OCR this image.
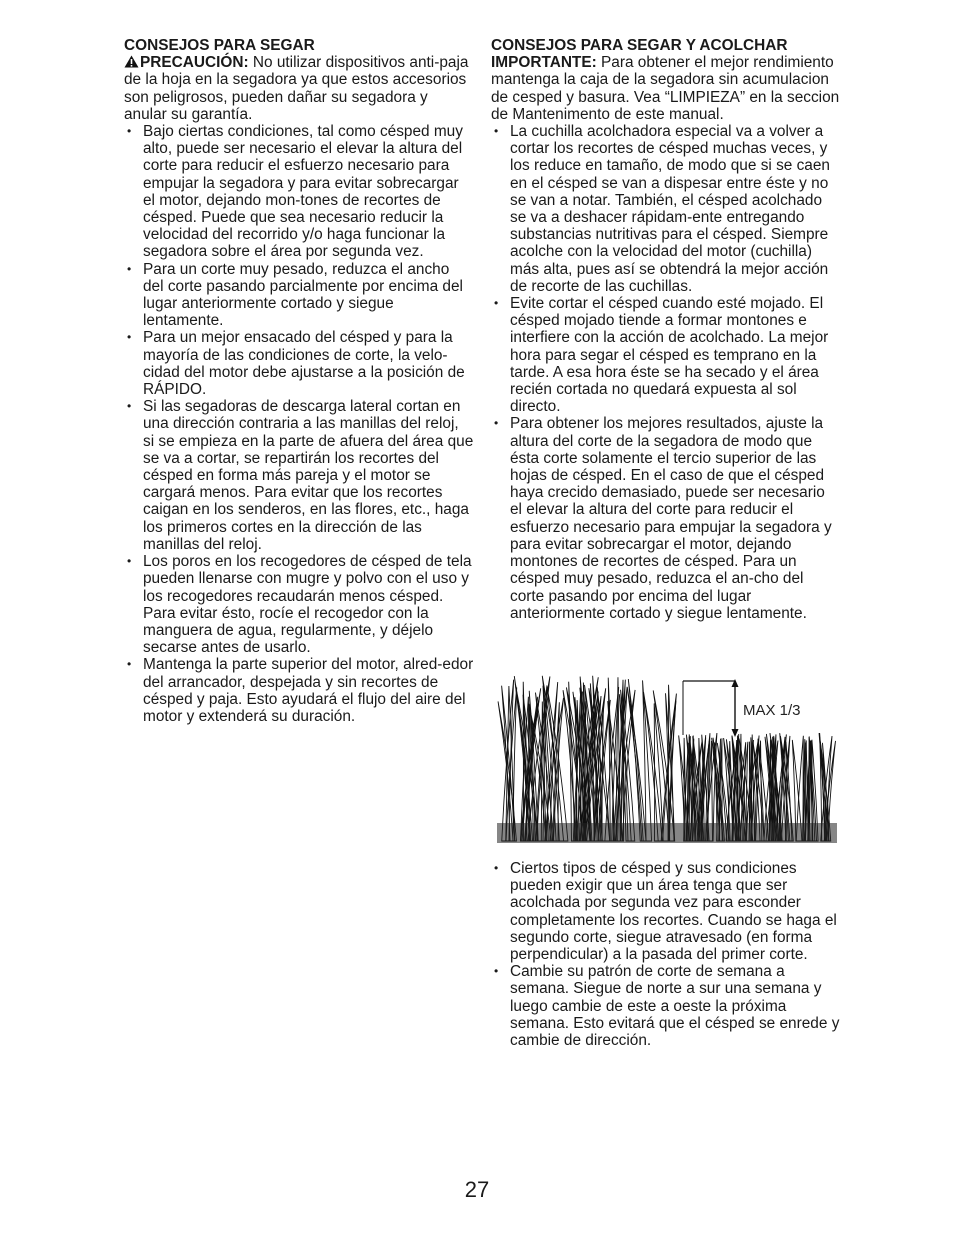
CONSEJOS PARA SEGAR

PRECAUCIÓN: No utilizar dispositivos anti-paja de la hoja en la segadora ya que estos accesorios son peligrosos, pueden dañar su segadora y anular su garantía.

• Bajo ciertas condiciones, tal como césped muy alto, puede ser necesario el elevar la altura del corte para reducir el esfuerzo necesario para empujar la segadora y para evitar sobrecargar el motor, dejando mon-tones de recortes de césped. Puede que sea necesario reducir la velocidad del recorrido y/o haga funcionar la segadora sobre el área por segunda vez.
• Para un corte muy pesado, reduzca el ancho del corte pasando parcialmente por encima del lugar anteriormente cortado y siegue lentamente.
• Para un mejor ensacado del césped y para la mayoría de las condiciones de corte, la velo-cidad del motor debe ajustarse a la posición de RÁPIDO.
• Si las segadoras de descarga lateral cortan en una dirección contraria a las manillas del reloj, si se empieza en la parte de afuera del área que se va a cortar, se repartirán los recortes del césped en forma más pareja y el motor se cargará menos. Para evitar que los recortes caigan en los senderos, en las flores, etc., haga los primeros cortes en la dirección de las manillas del reloj.
• Los poros en los recogedores de césped de tela pueden llenarse con mugre y polvo con el uso y los recogedores recaudarán menos césped. Para evitar ésto, rocíe el recogedor con la manguera de agua, regularmente, y déjelo secarse antes de usarlo.
• Mantenga la parte superior del motor, alred-edor del arrancador, despejada y sin recortes de césped y paja. Esto ayudará el flujo del aire del motor y extenderá su duración.

CONSEJOS PARA SEGAR Y ACOLCHAR

IMPORTANTE: Para obtener el mejor rendimiento mantenga la caja de la segadora sin acumulacion de cesped y basura. Vea “LIMPIEZA” en la seccion de Mantenimento de este manual.

• La cuchilla acolchadora especial va a volver a cortar los recortes de césped muchas veces, y los reduce en tamaño, de modo que si se caen en el césped se van a dispesar entre éste y no se van a notar. También, el césped acolchado se va a deshacer rápidam-ente entregando substancias nutritivas para el césped. Siempre acolche con la velocidad del motor (cuchilla) más alta, pues así se obtendrá la mejor acción de recorte de las cuchillas.
• Evite cortar el césped cuando esté mojado. El césped mojado tiende a formar montones e interfiere con la acción de acolchado. La mejor hora para segar el césped es temprano en la tarde. A esa hora éste se ha secado y el área recién cortada no quedará expuesta al sol directo.
• Para obtener los mejores resultados, ajuste la altura del corte de la segadora de modo que ésta corte solamente el tercio superior de las hojas de césped. En el caso de que el césped haya crecido demasiado, puede ser necesario el elevar la altura del corte para reducir el esfuerzo necesario para empujar la segadora y para evitar sobrecargar el motor, dejando montones de recortes de césped. Para un césped muy pesado, reduzca el an-cho del corte pasando por encima del lugar anteriormente cortado y siegue lentamente.
MAX 1/3
• Ciertos tipos de césped y sus condiciones pueden exigir que un área tenga que ser acolchada por segunda vez para esconder completamente los recortes. Cuando se haga el segundo corte, siegue atravesado (en forma perpendicular) a la pasada del primer corte.
• Cambie su patrón de corte de semana a semana. Siegue de norte a sur una semana y luego cambie de este a oeste la próxima semana. Esto evitará que el césped se enrede y cambie de dirección.
27
